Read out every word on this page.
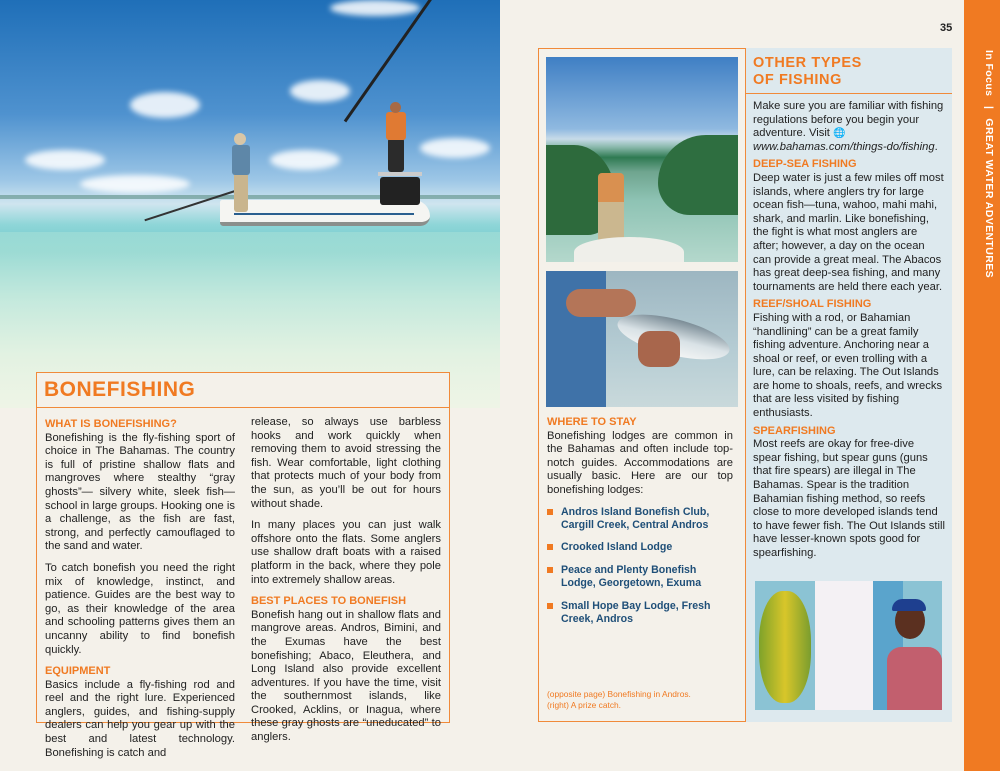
BONEFISHING
WHAT IS BONEFISHING?

Bonefishing is the fly-fishing sport of choice in The Bahamas. The country is full of pristine shallow flats and mangroves where stealthy “gray ghosts”— silvery white, sleek fish—school in large groups. Hooking one is a challenge, as the fish are fast, strong, and perfectly camouflaged to the sand and water.

To catch bonefish you need the right mix of knowledge, instinct, and patience. Guides are the best way to go, as their knowledge of the area and schooling patterns gives them an uncanny ability to find bonefish quickly.

EQUIPMENT

Basics include a fly-fishing rod and reel and the right lure. Experienced anglers, guides, and fishing-supply dealers can help you gear up with the best and latest technology. Bonefishing is catch and

release, so always use barbless hooks and work quickly when removing them to avoid stressing the fish. Wear comfortable, light clothing that protects much of your body from the sun, as you’ll be out for hours without shade.

In many places you can just walk offshore onto the flats. Some anglers use shallow draft boats with a raised platform in the back, where they pole into extremely shallow areas.

BEST PLACES TO BONEFISH

Bonefish hang out in shallow flats and mangrove areas. Andros, Bimini, and the Exumas have the best bonefishing; Abaco, Eleuthera, and Long Island also provide excellent adventures. If you have the time, visit the southernmost islands, like Crooked, Acklins, or Inagua, where these gray ghosts are “uneducated” to anglers.

35
In Focus | GREAT WATER ADVENTURES
WHERE TO STAY

Bonefishing lodges are common in the Bahamas and often include top-notch guides. Accommodations are usually basic. Here are our top bonefishing lodges:

Andros Island Bonefish Club, Cargill Creek, Central Andros
Crooked Island Lodge
Peace and Plenty Bonefish Lodge, Georgetown, Exuma
Small Hope Bay Lodge, Fresh Creek, Andros
(opposite page) Bonefishing in Andros.
(right) A prize catch.
OTHER TYPES
OF FISHING

Make sure you are familiar with fishing regulations before you begin your adventure. Visit 🌐 www.bahamas.com/things-do/fishing.

DEEP-SEA FISHING

Deep water is just a few miles off most islands, where anglers try for large ocean fish—tuna, wahoo, mahi mahi, shark, and marlin. Like bonefishing, the fight is what most anglers are after; however, a day on the ocean can provide a great meal. The Abacos has great deep-sea fishing, and many tournaments are held there each year.

REEF/SHOAL FISHING

Fishing with a rod, or Bahamian “handlining” can be a great family fishing adventure. Anchoring near a shoal or reef, or even trolling with a lure, can be relaxing. The Out Islands are home to shoals, reefs, and wrecks that are less visited by fishing enthusiasts.

SPEARFISHING

Most reefs are okay for free-dive spear fishing, but spear guns (guns that fire spears) are illegal in The Bahamas. Spear is the tradition Bahamian fishing method, so reefs close to more developed islands tend to have fewer fish. The Out Islands still have lesser-known spots good for spearfishing.
